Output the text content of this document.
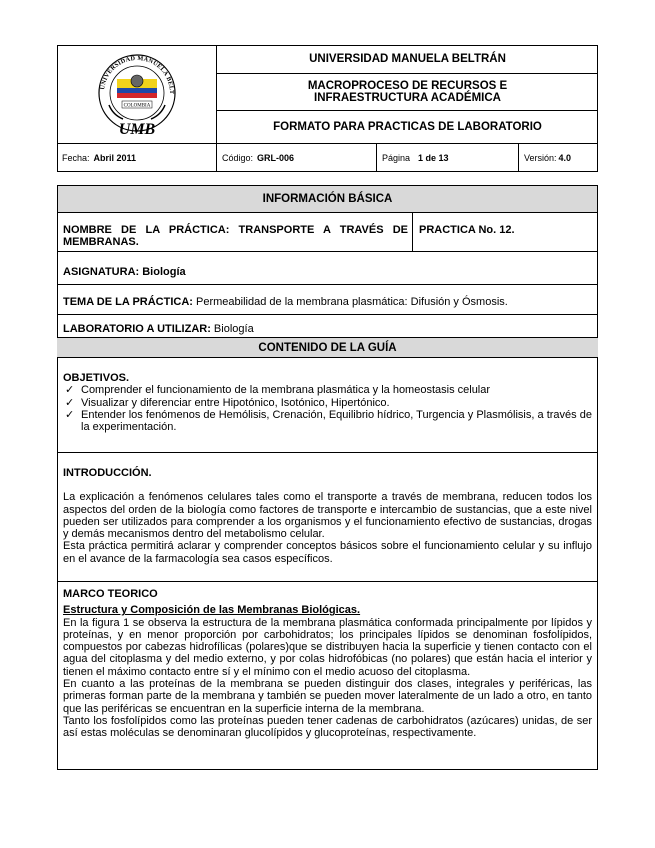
UNIVERSIDAD MANUELA BELT
COLOMBIA
UMB
UNIVERSIDAD MANUELA BELTRÁN
MACROPROCESO DE RECURSOS E INFRAESTRUCTURA ACADÉMICA
FORMATO PARA PRACTICAS DE LABORATORIO
Fecha: Abril 2011	Código: GRL-006	Página 1 de 13	Versión: 4.0
INFORMACIÓN BÁSICA
NOMBRE DE LA PRÁCTICA: TRANSPORTE A TRAVÉS DE MEMBRANAS.
PRACTICA No. 12.
ASIGNATURA: Biología
TEMA DE LA PRÁCTICA: Permeabilidad de la membrana plasmática: Difusión y Ósmosis.
LABORATORIO A UTILIZAR: Biología
CONTENIDO DE LA GUÍA
OBJETIVOS.
✓ Comprender el funcionamiento de la membrana plasmática y la homeostasis celular
✓ Visualizar y diferenciar entre Hipotónico, Isotónico, Hipertónico.
✓ Entender los fenómenos de Hemólisis, Crenación, Equilibrio hídrico, Turgencia y Plasmólisis, a través de la experimentación.
INTRODUCCIÓN.

La explicación a fenómenos celulares tales como el transporte a través de membrana, reducen todos los aspectos del orden de la biología como factores de transporte e intercambio de sustancias, que a este nivel pueden ser utilizados para comprender a los organismos y el funcionamiento efectivo de sustancias, drogas y demás mecanismos dentro del metabolismo celular.

Esta práctica permitirá aclarar y comprender conceptos básicos sobre el funcionamiento celular y su influjo en el avance de la farmacología sea casos específicos.

MARCO TEORICO
Estructura y Composición de las Membranas Biológicas.

En la figura 1 se observa la estructura de la membrana plasmática conformada principalmente por lípidos y proteínas, y en menor proporción por carbohidratos; los principales lípidos se denominan fosfolípidos, compuestos por cabezas hidrofílicas (polares)que se distribuyen hacia la superficie y tienen contacto con el agua del citoplasma y del medio externo, y por colas hidrofóbicas (no polares) que están hacia el interior y tienen el máximo contacto entre sí y el mínimo con el medio acuoso del citoplasma.

En cuanto a las proteínas de la membrana se pueden distinguir dos clases, integrales y periféricas, las primeras forman parte de la membrana y también se pueden mover lateralmente de un lado a otro, en tanto que las periféricas se encuentran en la superficie interna de la membrana.

Tanto los fosfolípidos como las proteínas pueden tener cadenas de carbohidratos (azúcares) unidas, de ser así estas moléculas se denominaran glucolípidos y glucoproteínas, respectivamente.
